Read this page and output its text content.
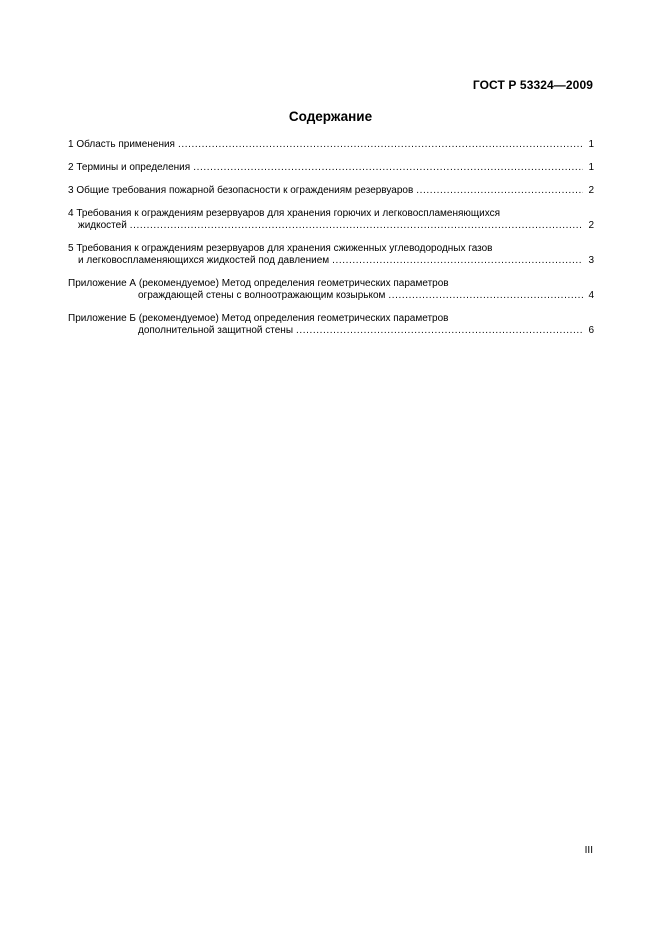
ГОСТ Р 53324—2009
Содержание
1 Область применения .....	1
2 Термины и определения .....	1
3 Общие требования пожарной безопасности к ограждениям резервуаров .....	2
4 Требования к ограждениям резервуаров для хранения горючих и легковоспламеняющихся
жидкостей .....	2
5 Требования к ограждениям резервуаров для хранения сжиженных углеводородных газов
и легковоспламеняющихся жидкостей под давлением .....	3
Приложение А (рекомендуемое) Метод определения геометрических параметров
ограждающей стены с волноотражающим козырьком .....	4
Приложение Б (рекомендуемое) Метод определения геометрических параметров
дополнительной защитной стены .....	6
III
